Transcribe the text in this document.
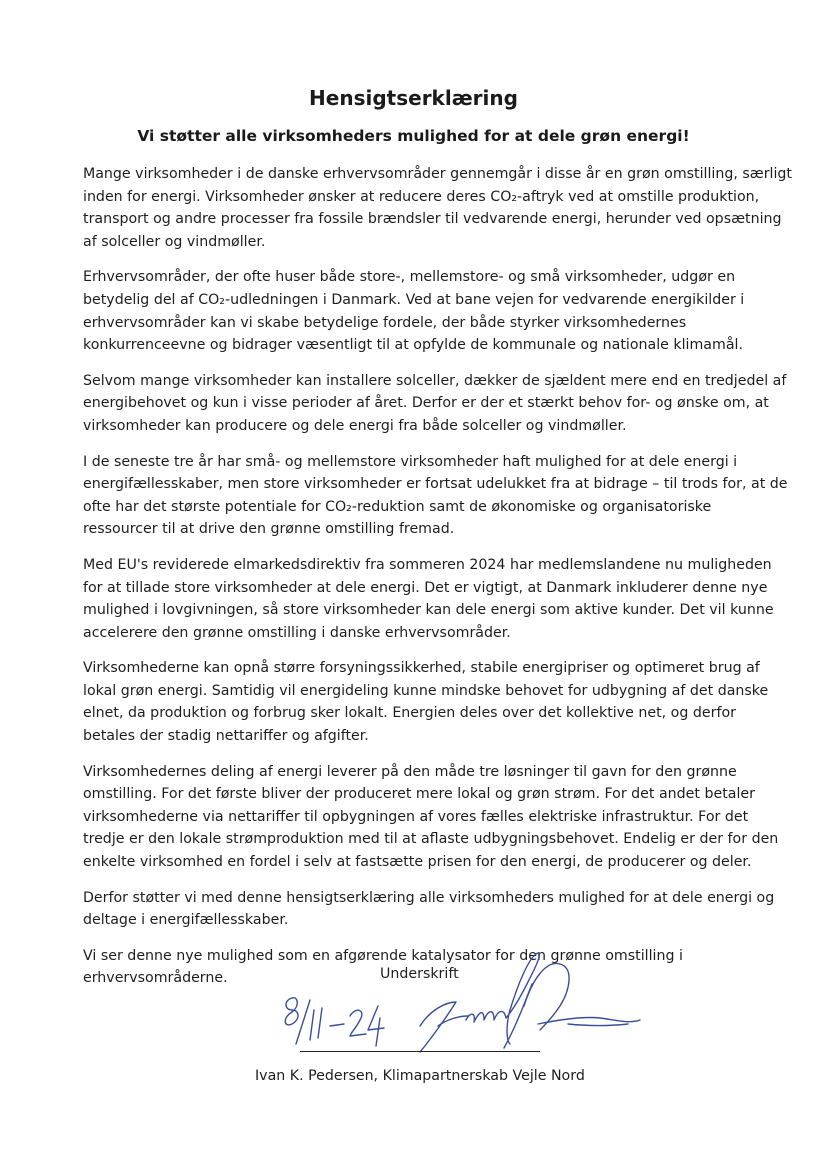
Hensigtserklæring
Vi støtter alle virksomheders mulighed for at dele grøn energi!

Mange virksomheder i de danske erhvervsområder gennemgår i disse år en grøn omstilling, særligt
inden for energi. Virksomheder ønsker at reducere deres CO₂-aftryk ved at omstille produktion,
transport og andre processer fra fossile brændsler til vedvarende energi, herunder ved opsætning
af solceller og vindmøller.

Erhvervsområder, der ofte huser både store-, mellemstore- og små virksomheder, udgør en
betydelig del af CO₂-udledningen i Danmark. Ved at bane vejen for vedvarende energikilder i
erhvervsområder kan vi skabe betydelige fordele, der både styrker virksomhedernes
konkurrenceevne og bidrager væsentligt til at opfylde de kommunale og nationale klimamål.

Selvom mange virksomheder kan installere solceller, dækker de sjældent mere end en tredjedel af
energibehovet og kun i visse perioder af året. Derfor er der et stærkt behov for- og ønske om, at
virksomheder kan producere og dele energi fra både solceller og vindmøller.

I de seneste tre år har små- og mellemstore virksomheder haft mulighed for at dele energi i
energifællesskaber, men store virksomheder er fortsat udelukket fra at bidrage – til trods for, at de
ofte har det største potentiale for CO₂-reduktion samt de økonomiske og organisatoriske
ressourcer til at drive den grønne omstilling fremad.

Med EU's reviderede elmarkedsdirektiv fra sommeren 2024 har medlemslandene nu muligheden
for at tillade store virksomheder at dele energi. Det er vigtigt, at Danmark inkluderer denne nye
mulighed i lovgivningen, så store virksomheder kan dele energi som aktive kunder. Det vil kunne
accelerere den grønne omstilling i danske erhvervsområder.

Virksomhederne kan opnå større forsyningssikkerhed, stabile energipriser og optimeret brug af
lokal grøn energi. Samtidig vil energideling kunne mindske behovet for udbygning af det danske
elnet, da produktion og forbrug sker lokalt. Energien deles over det kollektive net, og derfor
betales der stadig nettariffer og afgifter.

Virksomhedernes deling af energi leverer på den måde tre løsninger til gavn for den grønne
omstilling. For det første bliver der produceret mere lokal og grøn strøm. For det andet betaler
virksomhederne via nettariffer til opbygningen af vores fælles elektriske infrastruktur. For det
tredje er den lokale strømproduktion med til at aflaste udbygningsbehovet. Endelig er der for den
enkelte virksomhed en fordel i selv at fastsætte prisen for den energi, de producerer og deler.

Derfor støtter vi med denne hensigtserklæring alle virksomheders mulighed for at dele energi og
deltage i energifællesskaber.

Vi ser denne nye mulighed som en afgørende katalysator for den grønne omstilling i
erhvervsområderne.	Underskrift
8/11 -24
Ivan K. Pedersen, Klimapartnerskab Vejle Nord
